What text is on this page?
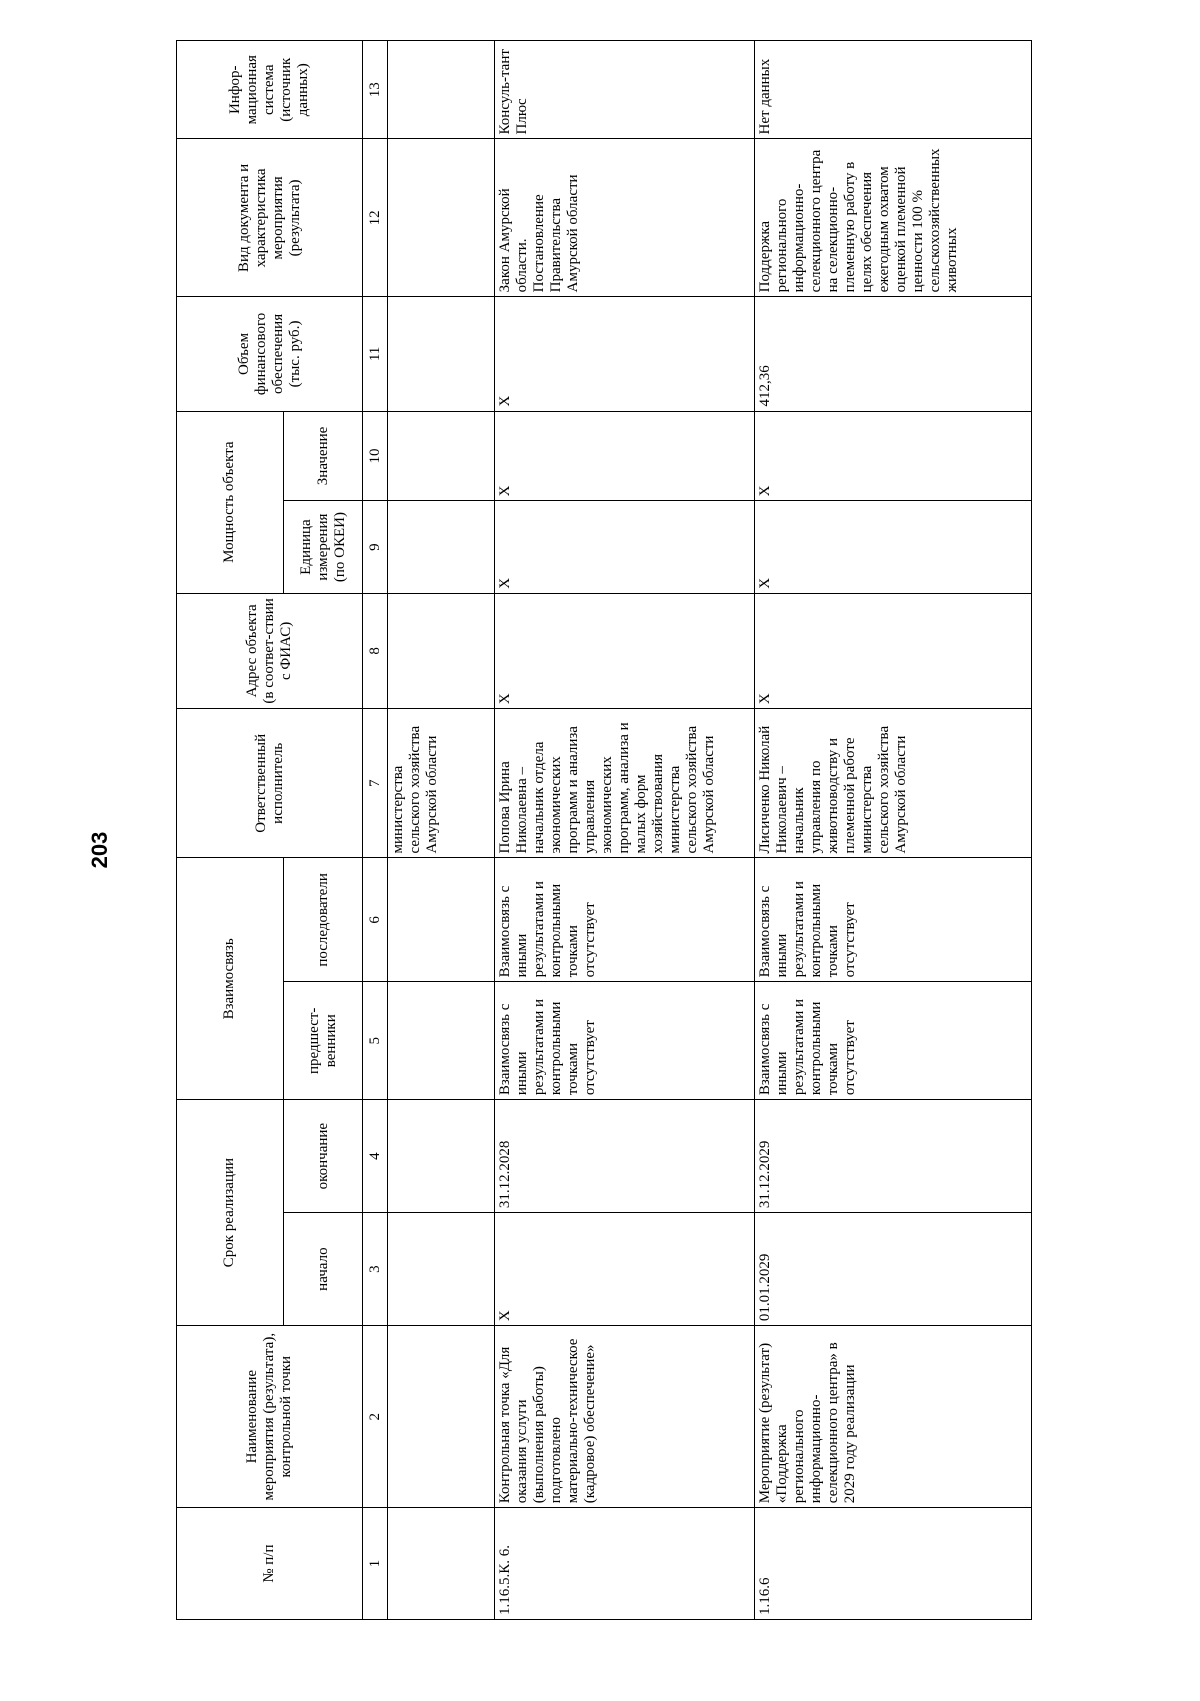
203
№ п/п	Наименование мероприятия (результата), контрольной точки	Срок реализации		Взаимосвязь		Ответственный исполнитель	Адрес объекта (в соответ-ствии с ФИАС)	Мощность объекта		Объем финансового обеспечения (тыс. руб.)	Вид документа и характеристика мероприятия (результата)	Инфор-мационная система (источник данных)
		начало	окончание	предшест-венники	последователи			Единица измерения (по ОКЕИ)	Значение			
1	2	3	4	5	6	7	8	9	10	11	12	13
						министерства сельского хозяйства Амурской области						
1.16.5.К. 6.	Контрольная точка «Для оказания услуги (выполнения работы) подготовлено материально-техническое (кадровое) обеспечение»	X	31.12.2028	Взаимосвязь с иными результатами и контрольными точками отсутствует	Взаимосвязь с иными результатами и контрольными точками отсутствует	Попова Ирина Николаевна – начальник отдела экономических программ и анализа управления экономических программ, анализа и малых форм хозяйствования министерства сельского хозяйства Амурской области	X	X	X	X	Закон Амурской области. Постановление Правительства Амурской области	Консуль-тант Плюс
1.16.6	Мероприятие (результат) «Поддержка регионального информационно-селекционного центра» в 2029 году реализации	01.01.2029	31.12.2029	Взаимосвязь с иными результатами и контрольными точками отсутствует	Взаимосвязь с иными результатами и контрольными точками отсутствует	Лисиченко Николай Николаевич – начальник управления по животноводству и племенной работе министерства сельского хозяйства Амурской области	X	X	X	412,36	Поддержка регионального информационно-селекционного центра на селекционно-племенную работу в целях обеспечения ежегодным охватом оценкой племенной ценности 100 % сельскохозяйственных животных	Нет данных
